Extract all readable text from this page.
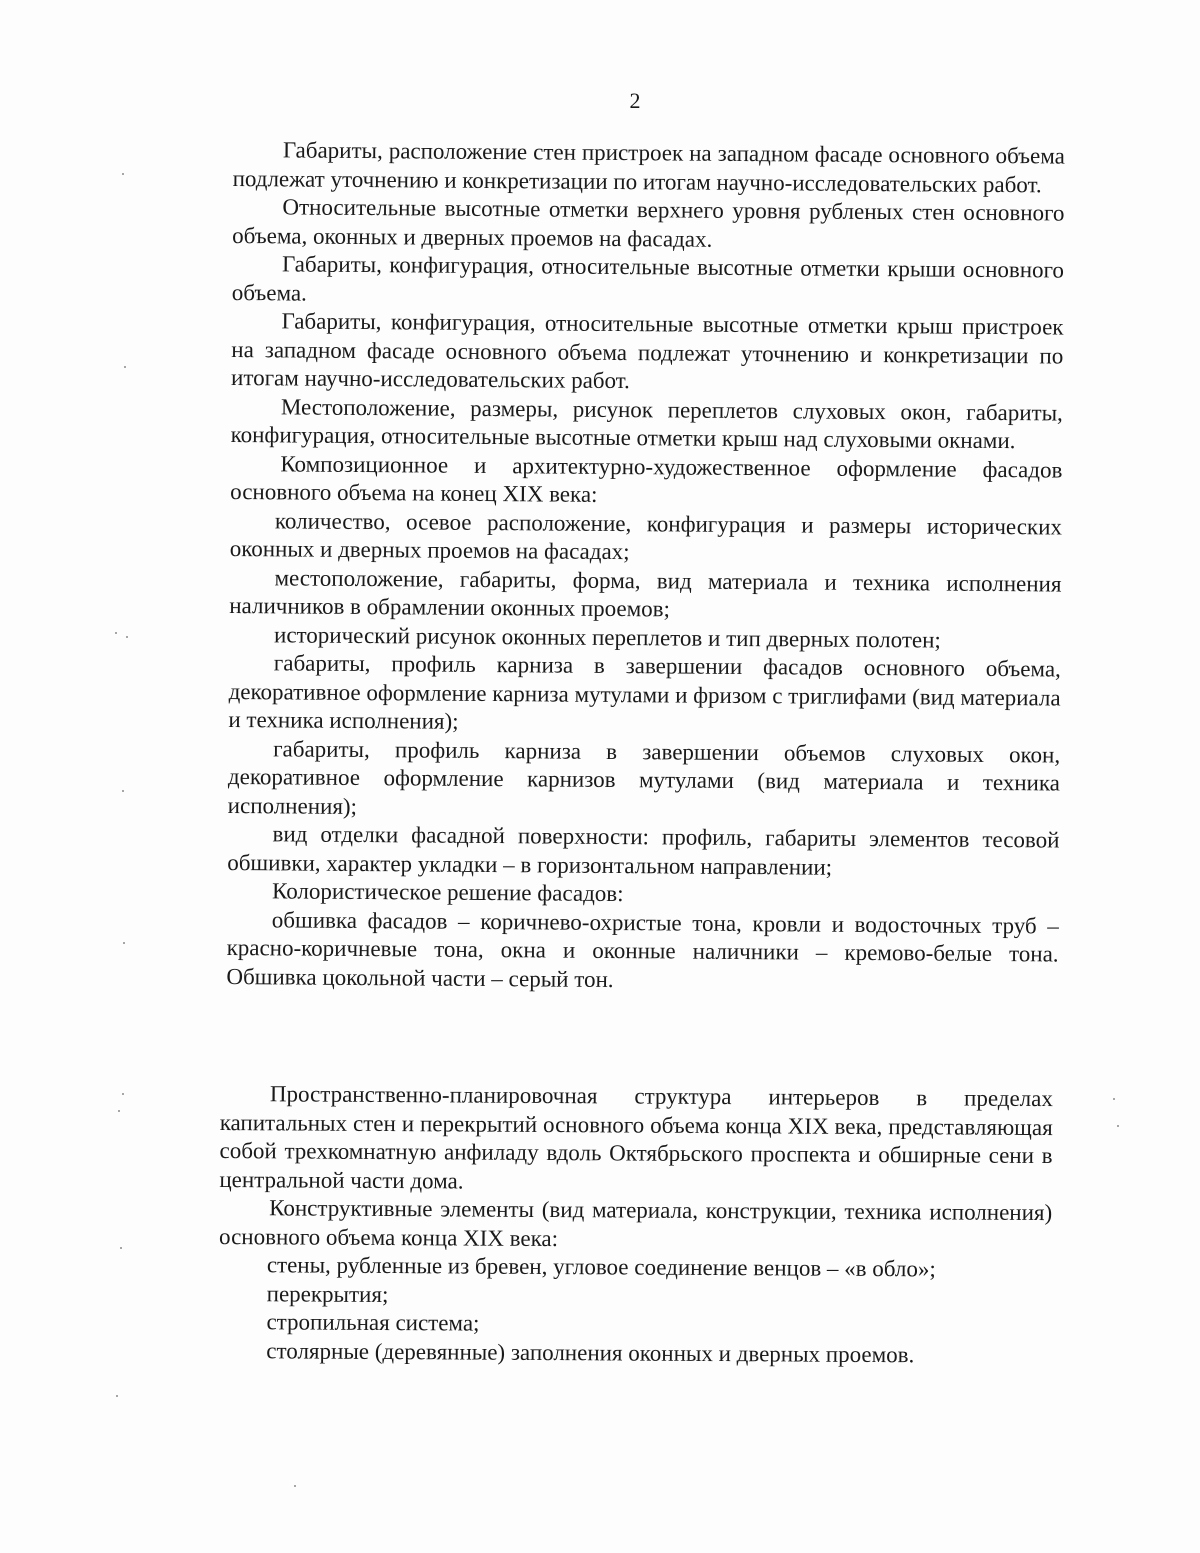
2

Габариты, расположение стен пристроек на западном фасаде основного объема подлежат уточнению и конкретизации по итогам научно-исследовательских работ.

Относительные высотные отметки верхнего уровня рубленых стен основного объема, оконных и дверных проемов на фасадах.

Габариты, конфигурация, относительные высотные отметки крыши основного объема.

Габариты, конфигурация, относительные высотные отметки крыш пристроек на западном фасаде основного объема подлежат уточнению и конкретизации по итогам научно-исследовательских работ.

Местоположение, размеры, рисунок переплетов слуховых окон, габариты, конфигурация, относительные высотные отметки крыш над слуховыми окнами.

Композиционное и архитектурно-художественное оформление фасадов основного объема на конец XIX века:

количество, осевое расположение, конфигурация и размеры исторических оконных и дверных проемов на фасадах;

местоположение, габариты, форма, вид материала и техника исполнения наличников в обрамлении оконных проемов;

исторический рисунок оконных переплетов и тип дверных полотен;

габариты, профиль карниза в завершении фасадов основного объема, декоративное оформление карниза мутулами и фризом с триглифами (вид материала и техника исполнения);

габариты, профиль карниза в завершении объемов слуховых окон, декоративное оформление карнизов мутулами (вид материала и техника исполнения);

вид отделки фасадной поверхности: профиль, габариты элементов тесовой обшивки, характер укладки – в горизонтальном направлении;

Колористическое решение фасадов:

обшивка фасадов – коричнево-охристые тона, кровли и водосточных труб – красно-коричневые тона, окна и оконные наличники – кремово-белые тона. Обшивка цокольной части – серый тон.

Пространственно-планировочная структура интерьеров в пределах капитальных стен и перекрытий основного объема конца XIX века, представляющая собой трехкомнатную анфиладу вдоль Октябрьского проспекта и обширные сени в центральной части дома.

Конструктивные элементы (вид материала, конструкции, техника исполнения) основного объема конца XIX века:

стены, рубленные из бревен, угловое соединение венцов – «в обло»;

перекрытия;

стропильная система;

столярные (деревянные) заполнения оконных и дверных проемов.
